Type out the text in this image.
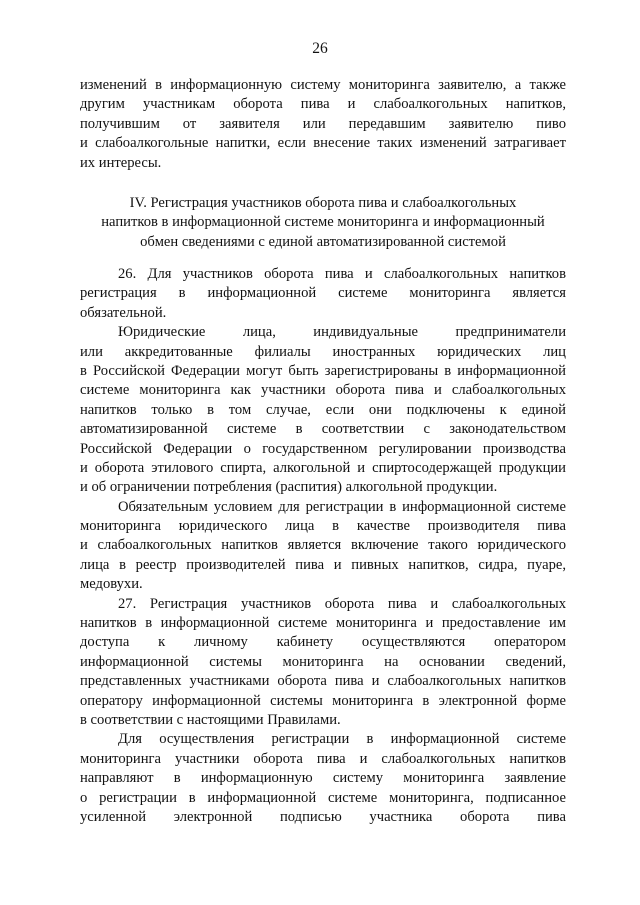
26
изменений в информационную систему мониторинга заявителю, а также
другим участникам оборота пива и слабоалкогольных напитков,
получившим от заявителя или передавшим заявителю пиво
и слабоалкогольные напитки, если внесение таких изменений затрагивает
их интересы.
IV. Регистрация участников оборота пива и слабоалкогольных
напитков в информационной системе мониторинга и информационный
обмен сведениями с единой автоматизированной системой
26. Для участников оборота пива и слабоалкогольных напитков
регистрация в информационной системе мониторинга является
обязательной.
Юридические лица, индивидуальные предприниматели
или аккредитованные филиалы иностранных юридических лиц
в Российской Федерации могут быть зарегистрированы в информационной
системе мониторинга как участники оборота пива и слабоалкогольных
напитков только в том случае, если они подключены к единой
автоматизированной системе в соответствии с законодательством
Российской Федерации о государственном регулировании производства
и оборота этилового спирта, алкогольной и спиртосодержащей продукции
и об ограничении потребления (распития) алкогольной продукции.
Обязательным условием для регистрации в информационной системе
мониторинга юридического лица в качестве производителя пива
и слабоалкогольных напитков является включение такого юридического
лица в реестр производителей пива и пивных напитков, сидра, пуаре,
медовухи.
27. Регистрация участников оборота пива и слабоалкогольных
напитков в информационной системе мониторинга и предоставление им
доступа к личному кабинету осуществляются оператором
информационной системы мониторинга на основании сведений,
представленных участниками оборота пива и слабоалкогольных напитков
оператору информационной системы мониторинга в электронной форме
в соответствии с настоящими Правилами.
Для осуществления регистрации в информационной системе
мониторинга участники оборота пива и слабоалкогольных напитков
направляют в информационную систему мониторинга заявление
о регистрации в информационной системе мониторинга, подписанное
усиленной электронной подписью участника оборота пива
